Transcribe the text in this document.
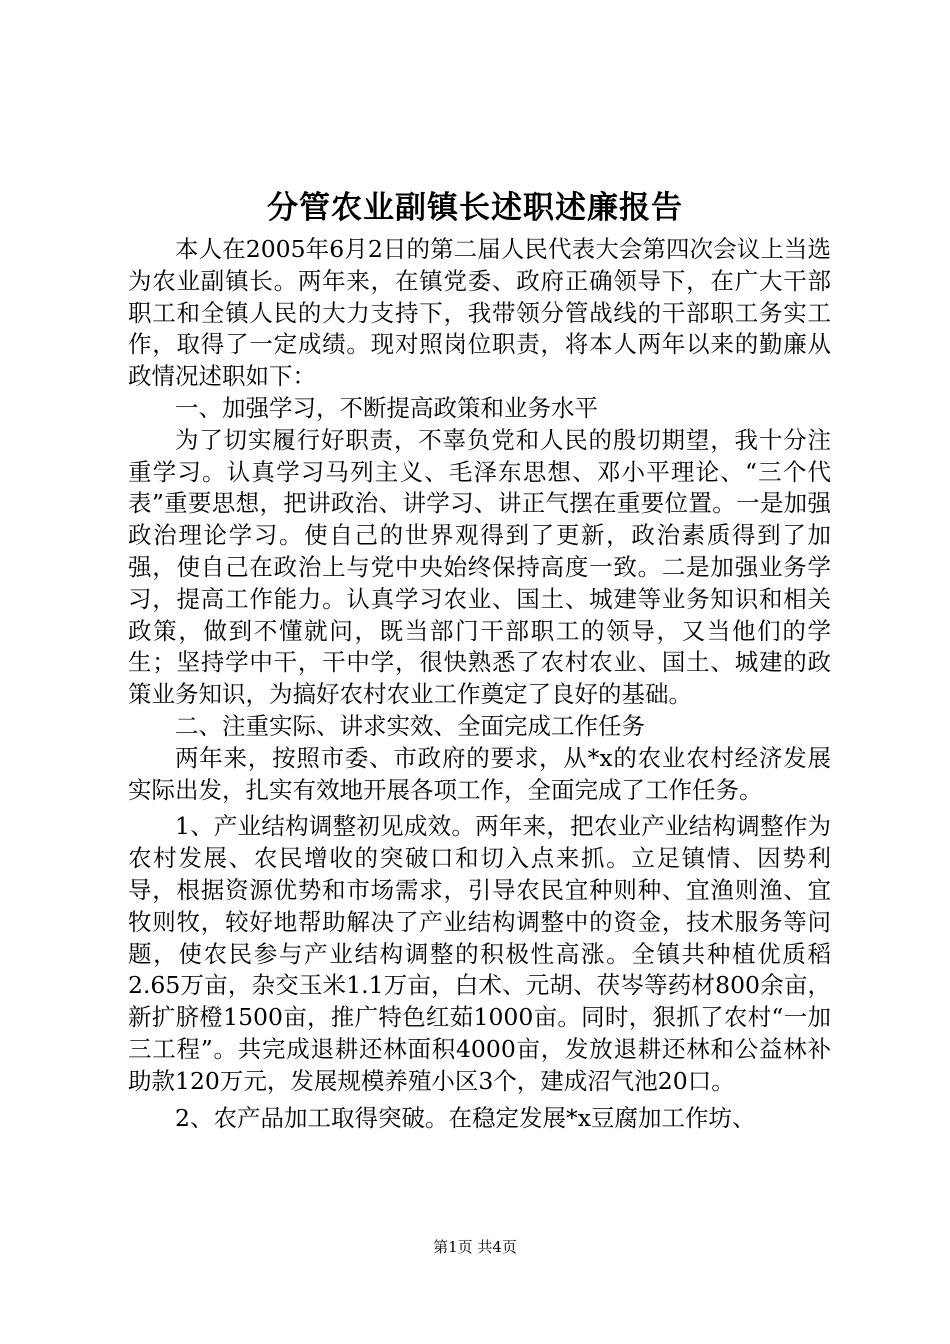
分管农业副镇长述职述廉报告

本人在2005年6月2日的第二届人民代表大会第四次会议上当选为农业副镇长。两年来，在镇党委、政府正确领导下，在广大干部职工和全镇人民的大力支持下，我带领分管战线的干部职工务实工作，取得了一定成绩。现对照岗位职责，将本人两年以来的勤廉从政情况述职如下：

一、加强学习，不断提高政策和业务水平

为了切实履行好职责，不辜负党和人民的殷切期望，我十分注重学习。认真学习马列主义、毛泽东思想、邓小平理论、“三个代表”重要思想，把讲政治、讲学习、讲正气摆在重要位置。一是加强政治理论学习。使自己的世界观得到了更新，政治素质得到了加强，使自己在政治上与党中央始终保持高度一致。二是加强业务学习，提高工作能力。认真学习农业、国土、城建等业务知识和相关政策，做到不懂就问，既当部门干部职工的领导，又当他们的学生；坚持学中干，干中学，很快熟悉了农村农业、国土、城建的政策业务知识，为搞好农村农业工作奠定了良好的基础。

二、注重实际、讲求实效、全面完成工作任务

两年来，按照市委、市政府的要求，从*x的农业农村经济发展实际出发，扎实有效地开展各项工作，全面完成了工作任务。

1、产业结构调整初见成效。两年来，把农业产业结构调整作为农村发展、农民增收的突破口和切入点来抓。立足镇情、因势利导，根据资源优势和市场需求，引导农民宜种则种、宜渔则渔、宜牧则牧，较好地帮助解决了产业结构调整中的资金，技术服务等问题，使农民参与产业结构调整的积极性高涨。全镇共种植优质稻2.65万亩，杂交玉米1.1万亩，白术、元胡、茯岑等药材800余亩，新扩脐橙1500亩，推广特色红茹1000亩。同时，狠抓了农村“一加三工程”。共完成退耕还林面积4000亩，发放退耕还林和公益林补助款120万元，发展规模养殖小区3个，建成沼气池20口。

2、农产品加工取得突破。在稳定发展*x豆腐加工作坊、

第1页 共4页
